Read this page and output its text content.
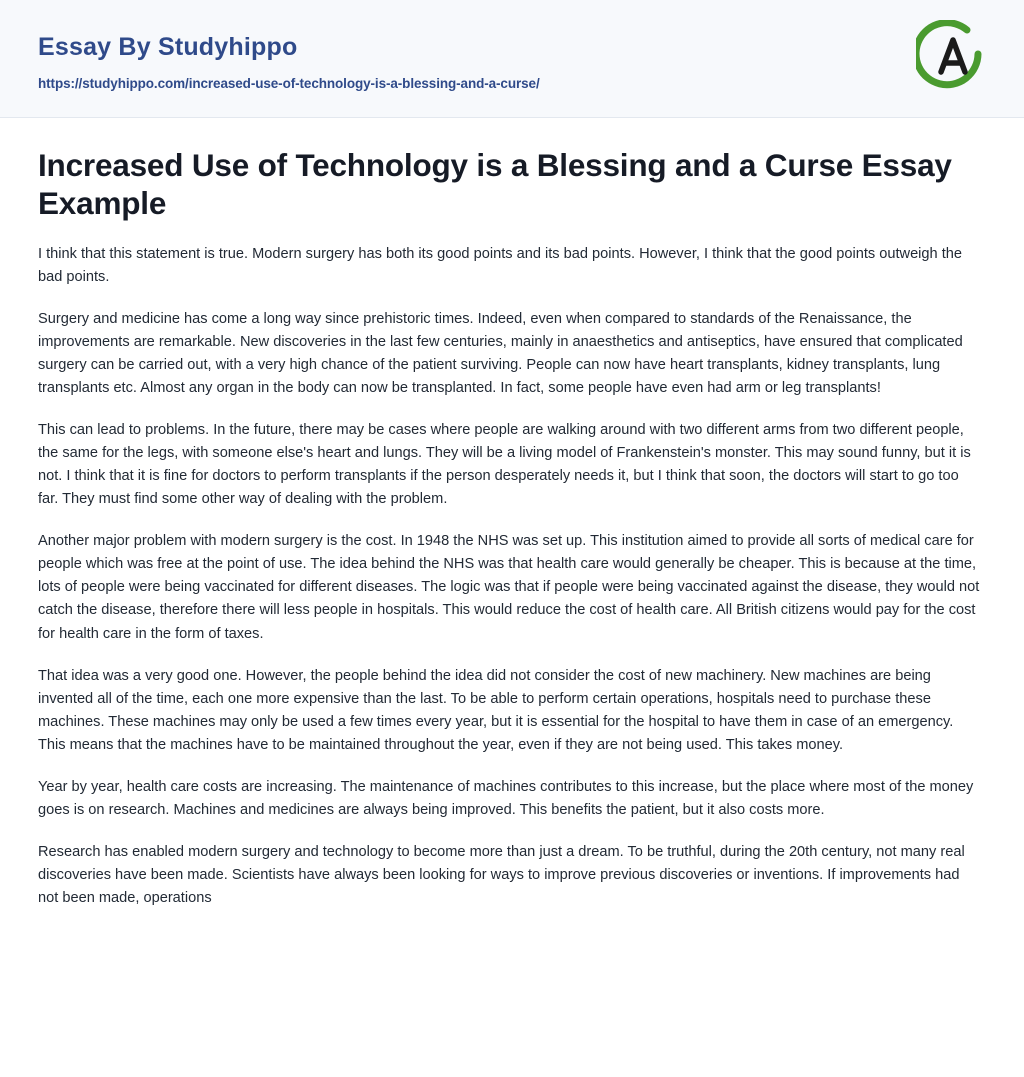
Essay By Studyhippo
https://studyhippo.com/increased-use-of-technology-is-a-blessing-and-a-curse/
Increased Use of Technology is a Blessing and a Curse Essay Example

I think that this statement is true. Modern surgery has both its good points and its bad points. However, I think that the good points outweigh the bad points.

Surgery and medicine has come a long way since prehistoric times. Indeed, even when compared to standards of the Renaissance, the improvements are remarkable. New discoveries in the last few centuries, mainly in anaesthetics and antiseptics, have ensured that complicated surgery can be carried out, with a very high chance of the patient surviving. People can now have heart transplants, kidney transplants, lung transplants etc. Almost any organ in the body can now be transplanted. In fact, some people have even had arm or leg transplants!

This can lead to problems. In the future, there may be cases where people are walking around with two different arms from two different people, the same for the legs, with someone else's heart and lungs. They will be a living model of Frankenstein's monster. This may sound funny, but it is not. I think that it is fine for doctors to perform transplants if the person desperately needs it, but I think that soon, the doctors will start to go too far. They must find some other way of dealing with the problem.

Another major problem with modern surgery is the cost. In 1948 the NHS was set up. This institution aimed to provide all sorts of medical care for people which was free at the point of use. The idea behind the NHS was that health care would generally be cheaper. This is because at the time, lots of people were being vaccinated for different diseases. The logic was that if people were being vaccinated against the disease, they would not catch the disease, therefore there will less people in hospitals. This would reduce the cost of health care. All British citizens would pay for the cost for health care in the form of taxes.

That idea was a very good one. However, the people behind the idea did not consider the cost of new machinery. New machines are being invented all of the time, each one more expensive than the last. To be able to perform certain operations, hospitals need to purchase these machines. These machines may only be used a few times every year, but it is essential for the hospital to have them in case of an emergency. This means that the machines have to be maintained throughout the year, even if they are not being used. This takes money.

Year by year, health care costs are increasing. The maintenance of machines contributes to this increase, but the place where most of the money goes is on research. Machines and medicines are always being improved. This benefits the patient, but it also costs more.

Research has enabled modern surgery and technology to become more than just a dream. To be truthful, during the 20th century, not many real discoveries have been made. Scientists have always been looking for ways to improve previous discoveries or inventions. If improvements had not been made, operations
